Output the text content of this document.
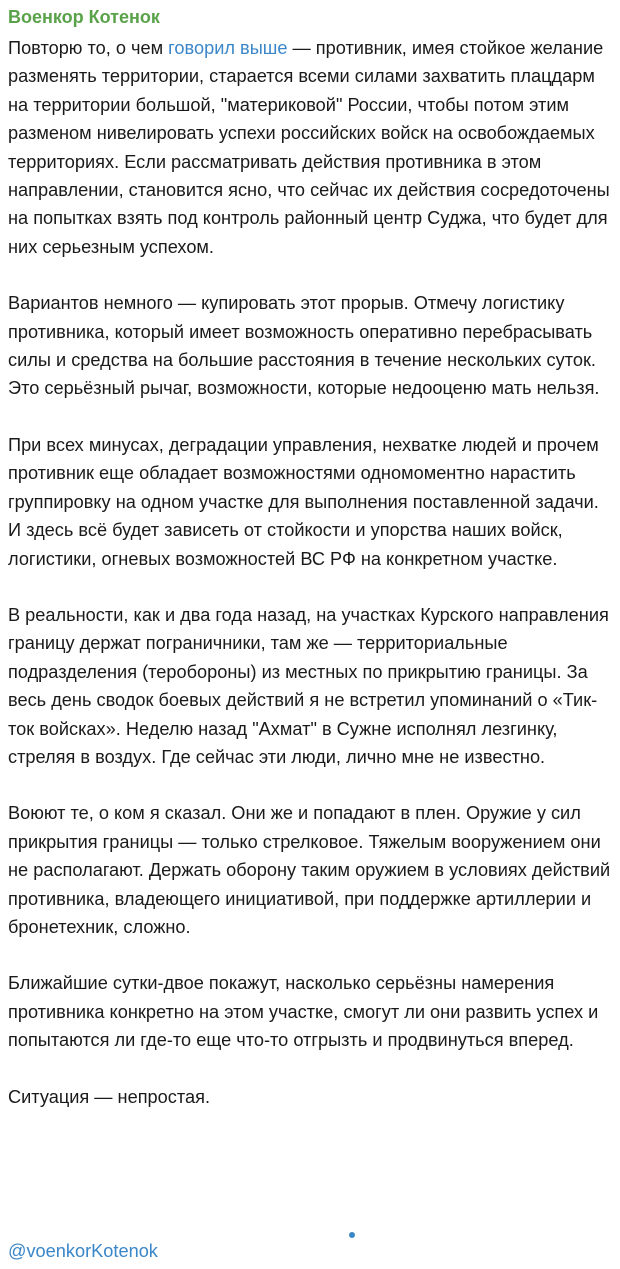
Военкор Котенок
Повторю то, о чем говорил выше — противник, имея стойкое желание разменять территории, старается всеми силами захватить плацдарм на территории большой, "материковой" России, чтобы потом этим разменом нивелировать успехи российских войск на освобождаемых территориях. Если рассматривать действия противника в этом направлении, становится ясно, что сейчас их действия сосредоточены на попытках взять под контроль районный центр Суджа, что будет для них серьезным успехом.
Вариантов немного — купировать этот прорыв. Отмечу логистику противника, который имеет возможность оперативно перебрасывать силы и средства на большие расстояния в течение нескольких суток. Это серьёзный рычаг, возможности, которые недооценю мать нельзя.
При всех минусах, деградации управления, нехватке людей и прочем противник еще обладает возможностями одномоментно нарастить группировку на одном участке для выполнения поставленной задачи. И здесь всё будет зависеть от стойкости и упорства наших войск, логистики, огневых возможностей ВС РФ на конкретном участке.
В реальности, как и два года назад, на участках Курского направления границу держат пограничники, там же — территориальные подразделения (теробороны) из местных по прикрытию границы. За весь день сводок боевых действий я не встретил упоминаний о «Тик-ток войсках». Неделю назад "Ахмат" в Сужне исполнял лезгинку, стреляя в воздух. Где сейчас эти люди, лично мне не известно.
Воюют те, о ком я сказал. Они же и попадают в плен. Оружие у сил прикрытия границы — только стрелковое. Тяжелым вооружением они не располагают. Держать оборону таким оружием в условиях действий противника, владеющего инициативой, при поддержке артиллерии и бронетехник, сложно.
Ближайшие сутки-двое покажут, насколько серьёзны намерения противника конкретно на этом участке, смогут ли они развить успех и попытаются ли где-то еще что-то отгрызть и продвинуться вперед.
Ситуация — непростая.
@voenkorKotenok
